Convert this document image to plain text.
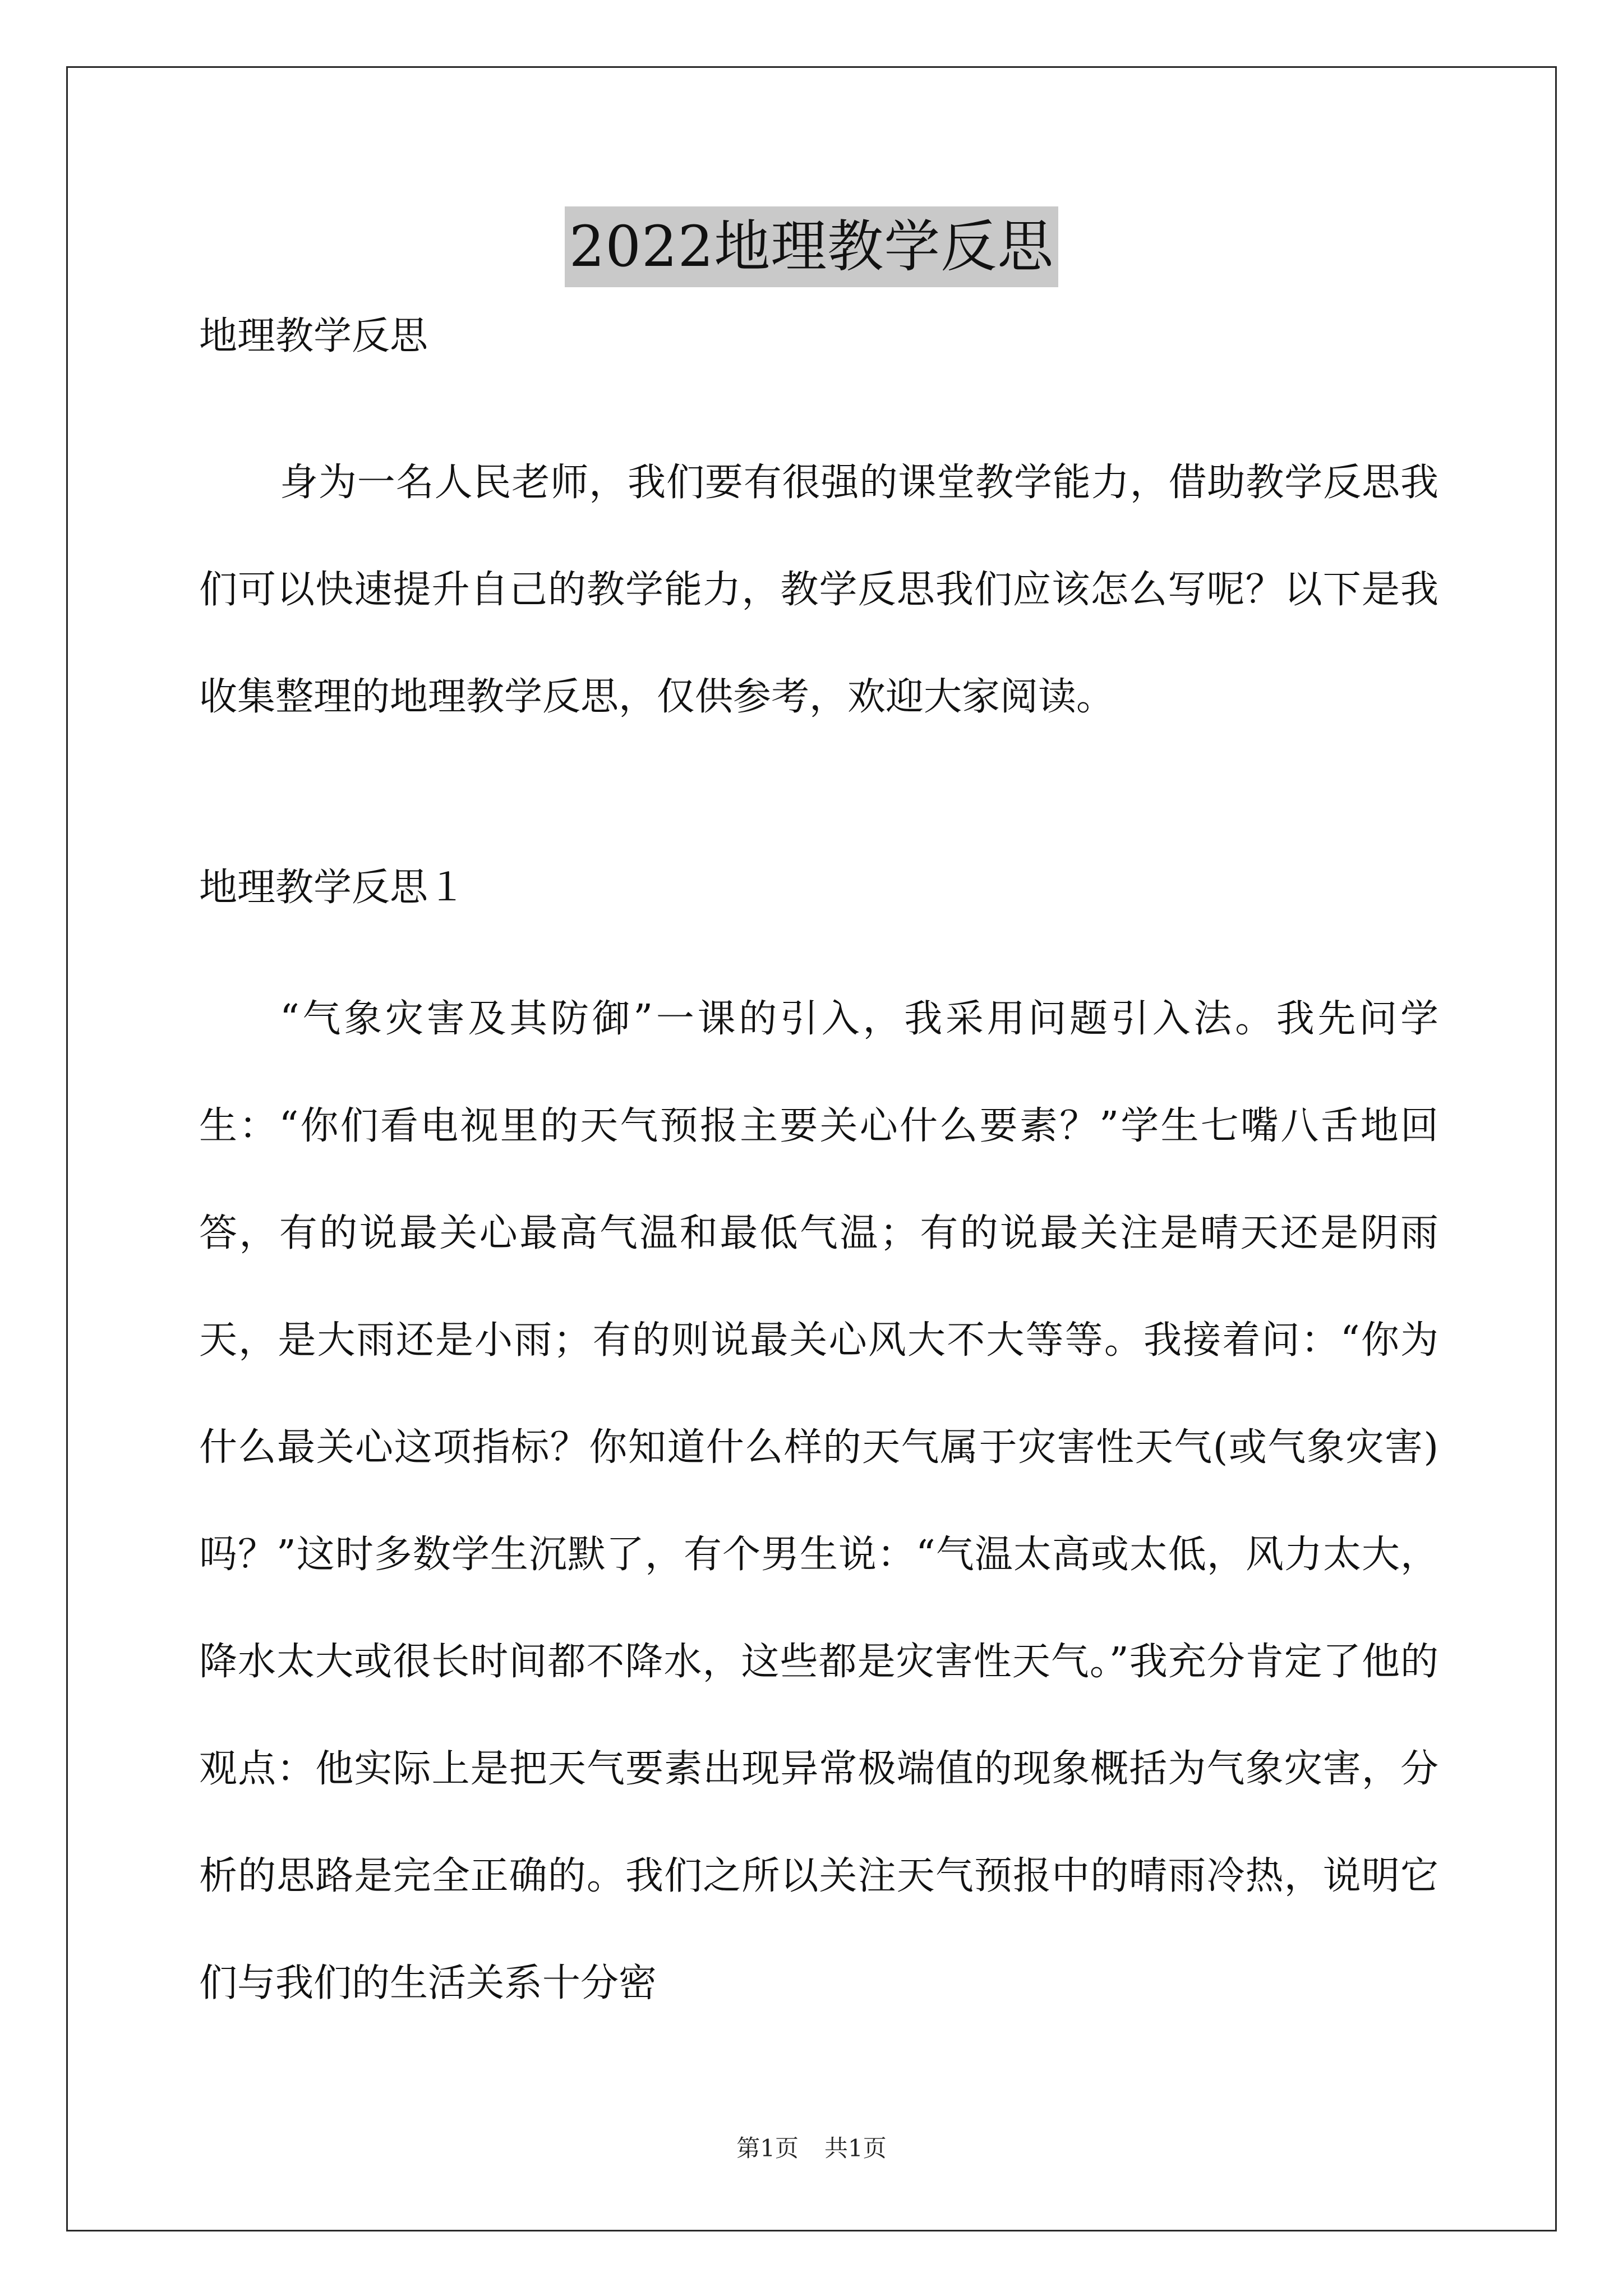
2022地理教学反思

地理教学反思

身为一名人民老师，我们要有很强的课堂教学能力，借助教学反思我们可以快速提升自己的教学能力，教学反思我们应该怎么写呢？以下是我收集整理的地理教学反思，仅供参考，欢迎大家阅读。

地理教学反思１

“气象灾害及其防御”一课的引入，我采用问题引入法。我先问学生：“你们看电视里的天气预报主要关心什么要素？”学生七嘴八舌地回答，有的说最关心最高气温和最低气温；有的说最关注是晴天还是阴雨天，是大雨还是小雨；有的则说最关心风大不大等等。我接着问：“你为什么最关心这项指标？你知道什么样的天气属于灾害性天气(或气象灾害)吗？”这时多数学生沉默了，有个男生说：“气温太高或太低，风力太大，降水太大或很长时间都不降水，这些都是灾害性天气。”我充分肯定了他的观点：他实际上是把天气要素出现异常极端值的现象概括为气象灾害，分析的思路是完全正确的。我们之所以关注天气预报中的晴雨冷热，说明它们与我们的生活关系十分密

第1页 共1页
